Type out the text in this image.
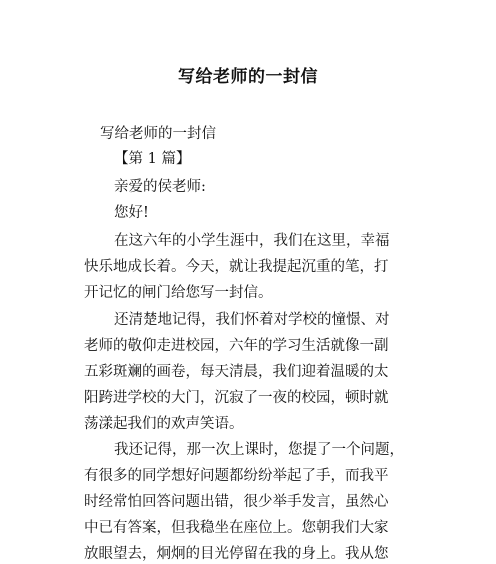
写给老师的一封信

写给老师的一封信

【第 1 篇】

亲爱的侯老师:

您好!

在这六年的小学生涯中，我们在这里，幸福

快乐地成长着。今天，就让我提起沉重的笔，打

开记忆的闸门给您写一封信。

还清楚地记得，我们怀着对学校的憧憬、对

老师的敬仰走进校园，六年的学习生活就像一副

五彩斑斓的画卷，每天清晨，我们迎着温暖的太

阳跨进学校的大门，沉寂了一夜的校园，顿时就

荡漾起我们的欢声笑语。

我还记得，那一次上课时，您提了一个问题，

有很多的同学想好问题都纷纷举起了手，而我平

时经常怕回答问题出错，很少举手发言，虽然心

中已有答案，但我稳坐在座位上。您朝我们大家

放眼望去，炯炯的目光停留在我的身上。我从您
